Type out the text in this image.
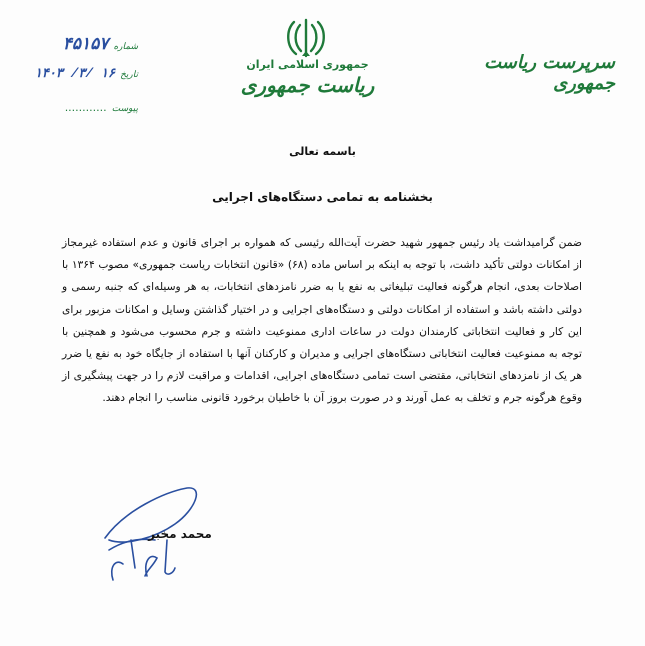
جمهوری اسلامی ایران
ریاست جمهوری
سرپرست ریاست جمهوری
شماره ۴۵۱۵۷
تاریخ ۱۶ /۳/ ۱۴۰۳
پیوست ............
باسمه تعالی
بخشنامه به تمامی دستگاه‌های اجرایی

ضمن گرامیداشت یاد رئیس جمهور شهید حضرت آیت‌الله رئیسی که همواره بر اجرای قانون و عدم استفاده غیرمجاز از امکانات دولتی تأکید داشت، با توجه به اینکه بر اساس ماده (۶۸) «قانون انتخابات ریاست جمهوری» مصوب ۱۳۶۴ با اصلاحات بعدی، انجام هرگونه فعالیت تبلیغاتی به نفع یا به ضرر نامزدهای انتخابات، به هر وسیله‌ای که جنبه رسمی و دولتی داشته باشد و استفاده از امکانات دولتی و دستگاه‌های اجرایی و در اختیار گذاشتن وسایل و امکانات مزبور برای این کار و فعالیت انتخاباتی کارمندان دولت در ساعات اداری ممنوعیت داشته و جرم محسوب می‌شود و همچنین با توجه به ممنوعیت فعالیت انتخاباتی دستگاه‌های اجرایی و مدیران و کارکنان آنها با استفاده از جایگاه خود به نفع یا ضرر هر یک از نامزدهای انتخاباتی، مقتضی است تمامی دستگاه‌های اجرایی، اقدامات و مراقبت لازم را در جهت پیشگیری از وقوع هرگونه جرم و تخلف به عمل آورند و در صورت بروز آن با خاطیان برخورد قانونی مناسب را انجام دهند.

محمد مخبر
